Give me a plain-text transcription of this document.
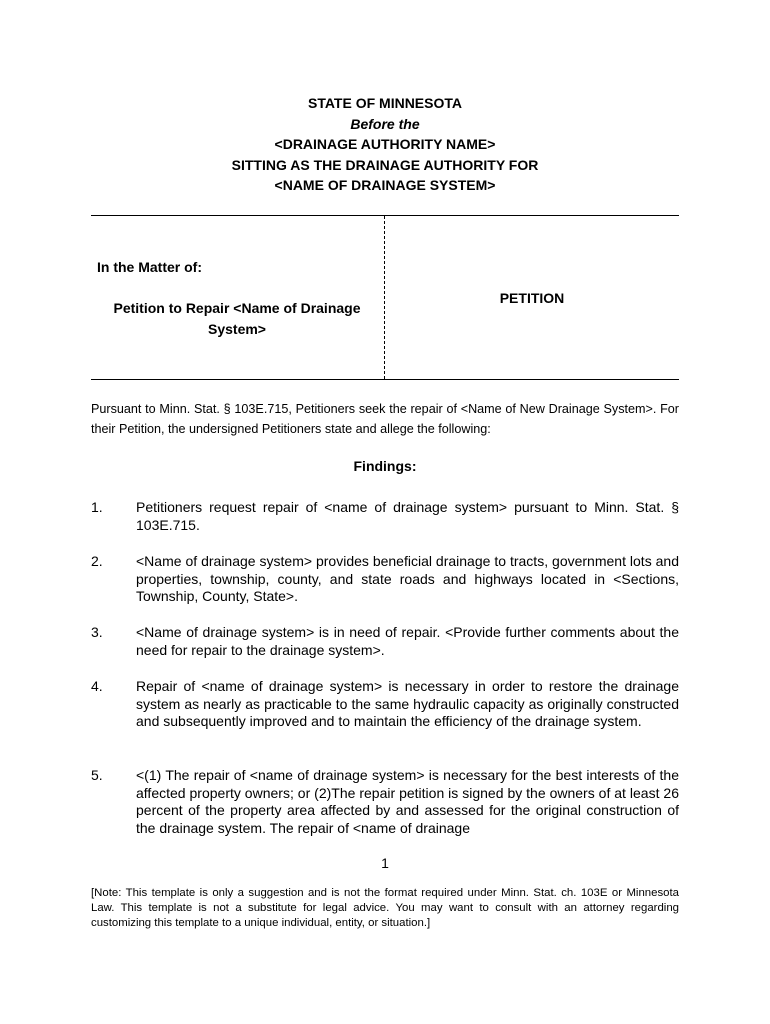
STATE OF MINNESOTA
Before the
<DRAINAGE AUTHORITY NAME>
SITTING AS THE DRAINAGE AUTHORITY FOR
<NAME OF DRAINAGE SYSTEM>
In the Matter of:
Petition to Repair <Name of Drainage System>
PETITION
Pursuant to Minn. Stat. § 103E.715, Petitioners seek the repair of <Name of New Drainage System>. For their Petition, the undersigned Petitioners state and allege the following:
Findings:
1.	Petitioners request repair of <name of drainage system> pursuant to Minn. Stat. § 103E.715.
2.	<Name of drainage system> provides beneficial drainage to tracts, government lots and properties, township, county, and state roads and highways located in <Sections, Township, County, State>.
3.	<Name of drainage system> is in need of repair. <Provide further comments about the need for repair to the drainage system>.
4.	Repair of <name of drainage system> is necessary in order to restore the drainage system as nearly as practicable to the same hydraulic capacity as originally constructed and subsequently improved and to maintain the efficiency of the drainage system.
5.	<(1) The repair of <name of drainage system> is necessary for the best interests of the affected property owners; or (2)The repair petition is signed by the owners of at least 26 percent of the property area affected by and assessed for the original construction of the drainage system. The repair of <name of drainage
1
[Note: This template is only a suggestion and is not the format required under Minn. Stat. ch. 103E or Minnesota Law. This template is not a substitute for legal advice. You may want to consult with an attorney regarding customizing this template to a unique individual, entity, or situation.]
